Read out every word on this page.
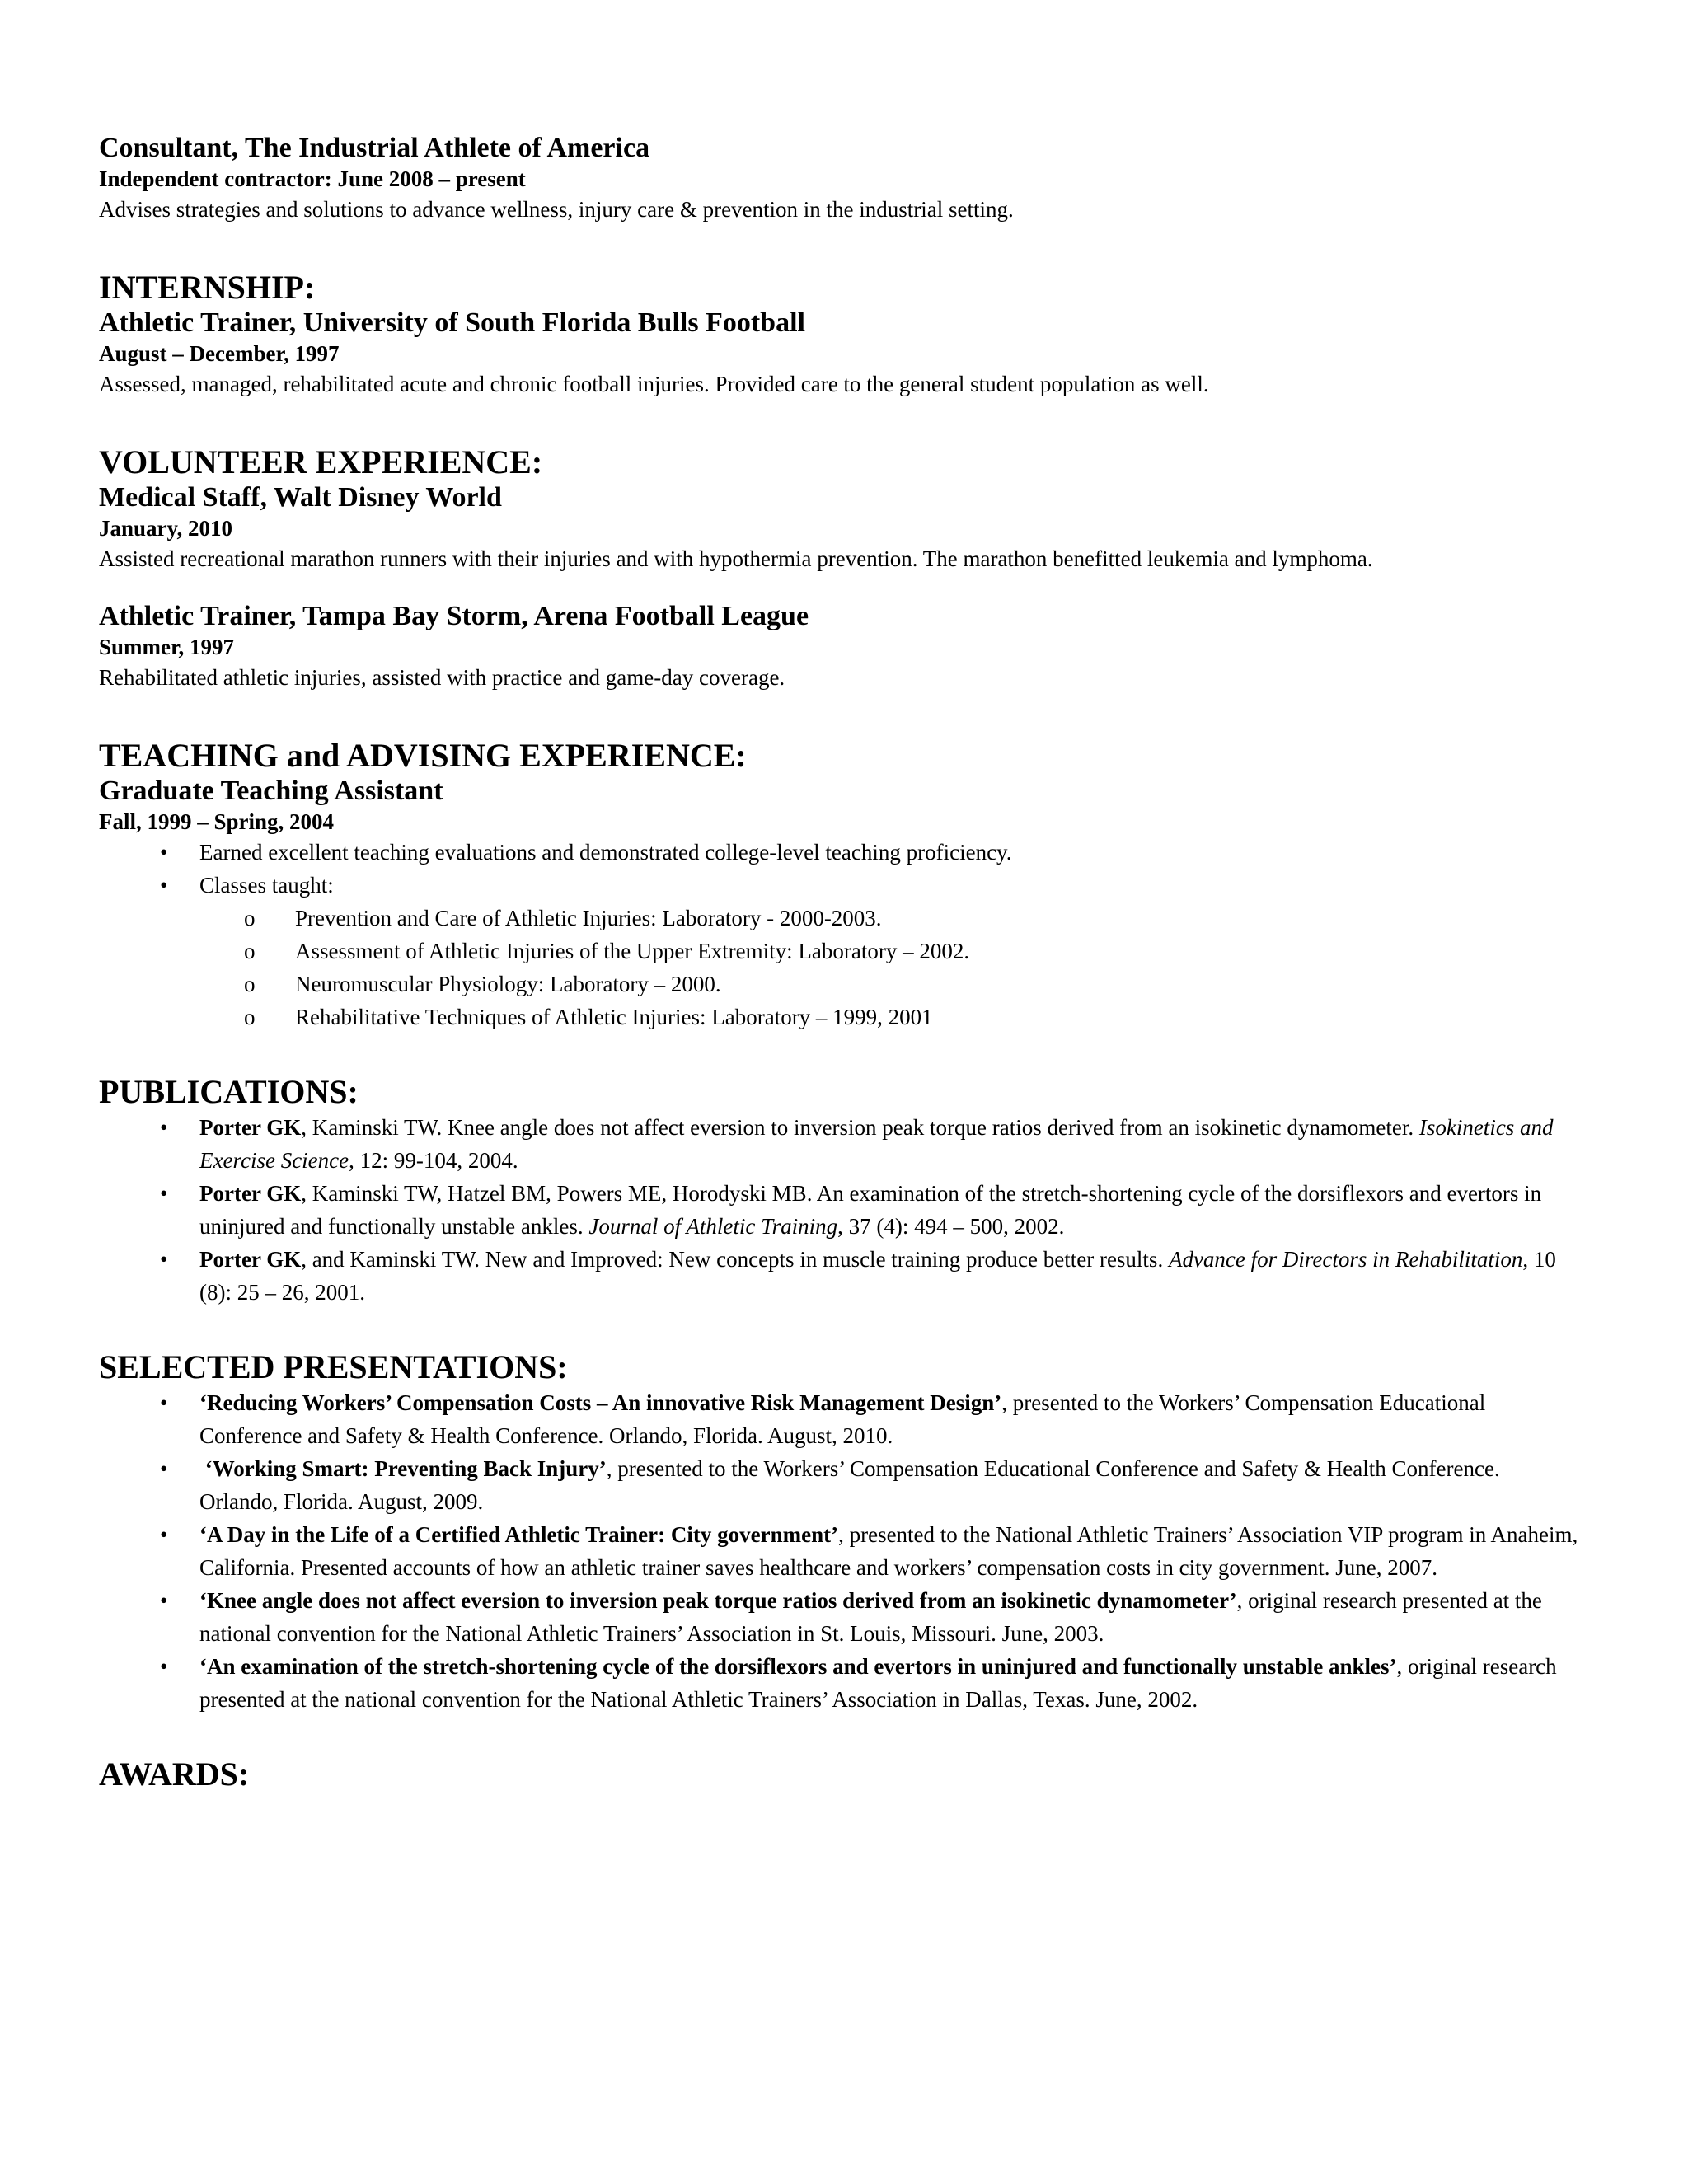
Consultant, The Industrial Athlete of America
Independent contractor: June 2008 – present
Advises strategies and solutions to advance wellness, injury care & prevention in the industrial setting.
INTERNSHIP:
Athletic Trainer, University of South Florida Bulls Football
August – December, 1997
Assessed, managed, rehabilitated acute and chronic football injuries. Provided care to the general student population as well.
VOLUNTEER EXPERIENCE:
Medical Staff, Walt Disney World
January, 2010
Assisted recreational marathon runners with their injuries and with hypothermia prevention. The marathon benefitted leukemia and lymphoma.
Athletic Trainer, Tampa Bay Storm, Arena Football League
Summer, 1997
Rehabilitated athletic injuries, assisted with practice and game-day coverage.
TEACHING and ADVISING EXPERIENCE:
Graduate Teaching Assistant
Fall, 1999 – Spring, 2004
• Earned excellent teaching evaluations and demonstrated college-level teaching proficiency.
• Classes taught:
o Prevention and Care of Athletic Injuries: Laboratory - 2000-2003.
o Assessment of Athletic Injuries of the Upper Extremity: Laboratory – 2002.
o Neuromuscular Physiology: Laboratory – 2000.
o Rehabilitative Techniques of Athletic Injuries: Laboratory – 1999, 2001
PUBLICATIONS:
• Porter GK, Kaminski TW. Knee angle does not affect eversion to inversion peak torque ratios derived from an isokinetic dynamometer. Isokinetics and Exercise Science, 12: 99-104, 2004.
• Porter GK, Kaminski TW, Hatzel BM, Powers ME, Horodyski MB. An examination of the stretch-shortening cycle of the dorsiflexors and evertors in uninjured and functionally unstable ankles. Journal of Athletic Training, 37 (4): 494 – 500, 2002.
• Porter GK, and Kaminski TW. New and Improved: New concepts in muscle training produce better results. Advance for Directors in Rehabilitation, 10 (8): 25 – 26, 2001.
SELECTED PRESENTATIONS:
• ‘Reducing Workers’ Compensation Costs – An innovative Risk Management Design’, presented to the Workers’ Compensation Educational Conference and Safety & Health Conference. Orlando, Florida. August, 2010.
•  ‘Working Smart: Preventing Back Injury’, presented to the Workers’ Compensation Educational Conference and Safety & Health Conference. Orlando, Florida. August, 2009.
• ‘A Day in the Life of a Certified Athletic Trainer: City government’, presented to the National Athletic Trainers’ Association VIP program in Anaheim, California. Presented accounts of how an athletic trainer saves healthcare and workers’ compensation costs in city government. June, 2007.
• ‘Knee angle does not affect eversion to inversion peak torque ratios derived from an isokinetic dynamometer’, original research presented at the national convention for the National Athletic Trainers’ Association in St. Louis, Missouri. June, 2003.
• ‘An examination of the stretch-shortening cycle of the dorsiflexors and evertors in uninjured and functionally unstable ankles’, original research presented at the national convention for the National Athletic Trainers’ Association in Dallas, Texas. June, 2002.
AWARDS:
